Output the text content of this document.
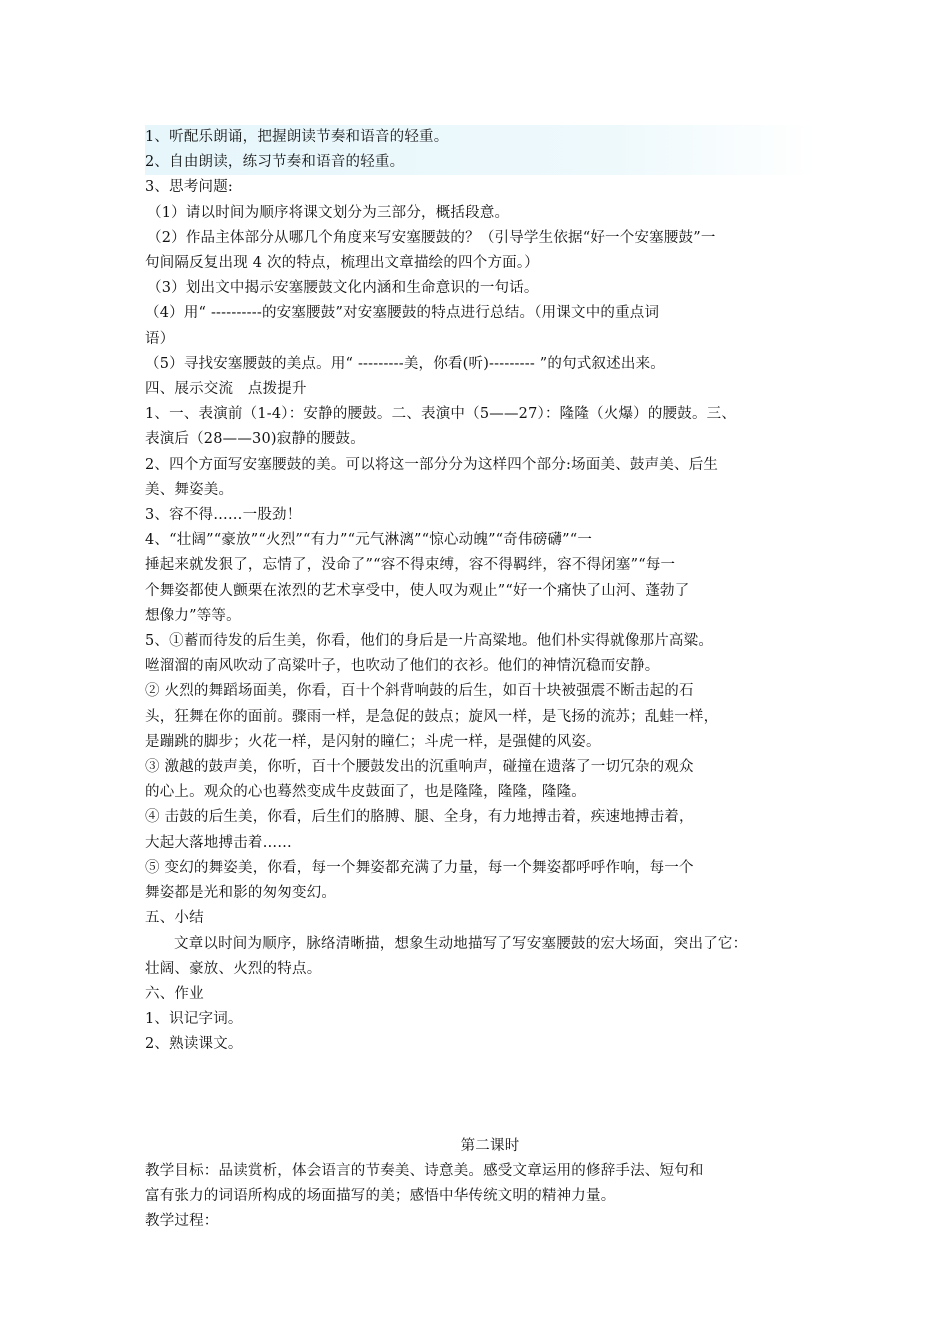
1、听配乐朗诵，把握朗读节奏和语音的轻重。
2、自由朗读，练习节奏和语音的轻重。
3、思考问题:
（1）请以时间为顺序将课文划分为三部分，概括段意。
（2）作品主体部分从哪几个角度来写安塞腰鼓的？（引导学生依据“好一个安塞腰鼓”一
句间隔反复出现 4 次的特点，梳理出文章描绘的四个方面。）
（3）划出文中揭示安塞腰鼓文化内涵和生命意识的一句话。
（4）用“ ----------的安塞腰鼓”对安塞腰鼓的特点进行总结。（用课文中的重点词
语）
（5）寻找安塞腰鼓的美点。用“ ---------美，你看(听)--------- ”的句式叙述出来。
四、展示交流　点拨提升
1、一、表演前（1-4）：安静的腰鼓。二、表演中（5——27）：隆隆（火爆）的腰鼓。三、
表演后（28——30)寂静的腰鼓。
2、四个方面写安塞腰鼓的美。可以将这一部分分为这样四个部分:场面美、鼓声美、后生
美、舞姿美。
3、容不得……一股劲！
4、“壮阔”“豪放”“火烈”“有力”“元气淋漓”“惊心动魄”“奇伟磅礴”“一
捶起来就发狠了，忘情了，没命了”“容不得束缚，容不得羁绊，容不得闭塞”“每一
个舞姿都使人颤栗在浓烈的艺术享受中，使人叹为观止”“好一个痛快了山河、蓬勃了
想像力”等等。
5、①蓄而待发的后生美，你看，他们的身后是一片高粱地。他们朴实得就像那片高粱。
咝溜溜的南风吹动了高粱叶子，也吹动了他们的衣衫。他们的神情沉稳而安静。
② 火烈的舞蹈场面美，你看，百十个斜背响鼓的后生，如百十块被强震不断击起的石
头，狂舞在你的面前。骤雨一样，是急促的鼓点；旋风一样，是飞扬的流苏；乱蛙一样，
是蹦跳的脚步；火花一样，是闪射的瞳仁；斗虎一样，是强健的风姿。
③ 激越的鼓声美，你听，百十个腰鼓发出的沉重响声，碰撞在遗落了一切冗杂的观众
的心上。观众的心也蓦然变成牛皮鼓面了，也是隆隆，隆隆，隆隆。
④ 击鼓的后生美，你看，后生们的胳膊、腿、全身，有力地搏击着，疾速地搏击着，
大起大落地搏击着……
⑤ 变幻的舞姿美，你看，每一个舞姿都充满了力量，每一个舞姿都呼呼作响，每一个
舞姿都是光和影的匆匆变幻。
五、小结
文章以时间为顺序，脉络清晰描，想象生动地描写了写安塞腰鼓的宏大场面，突出了它：
壮阔、豪放、火烈的特点。
六、作业
1、识记字词。
2、熟读课文。
第二课时
教学目标：品读赏析，体会语言的节奏美、诗意美。感受文章运用的修辞手法、短句和
富有张力的词语所构成的场面描写的美；感悟中华传统文明的精神力量。
教学过程：
